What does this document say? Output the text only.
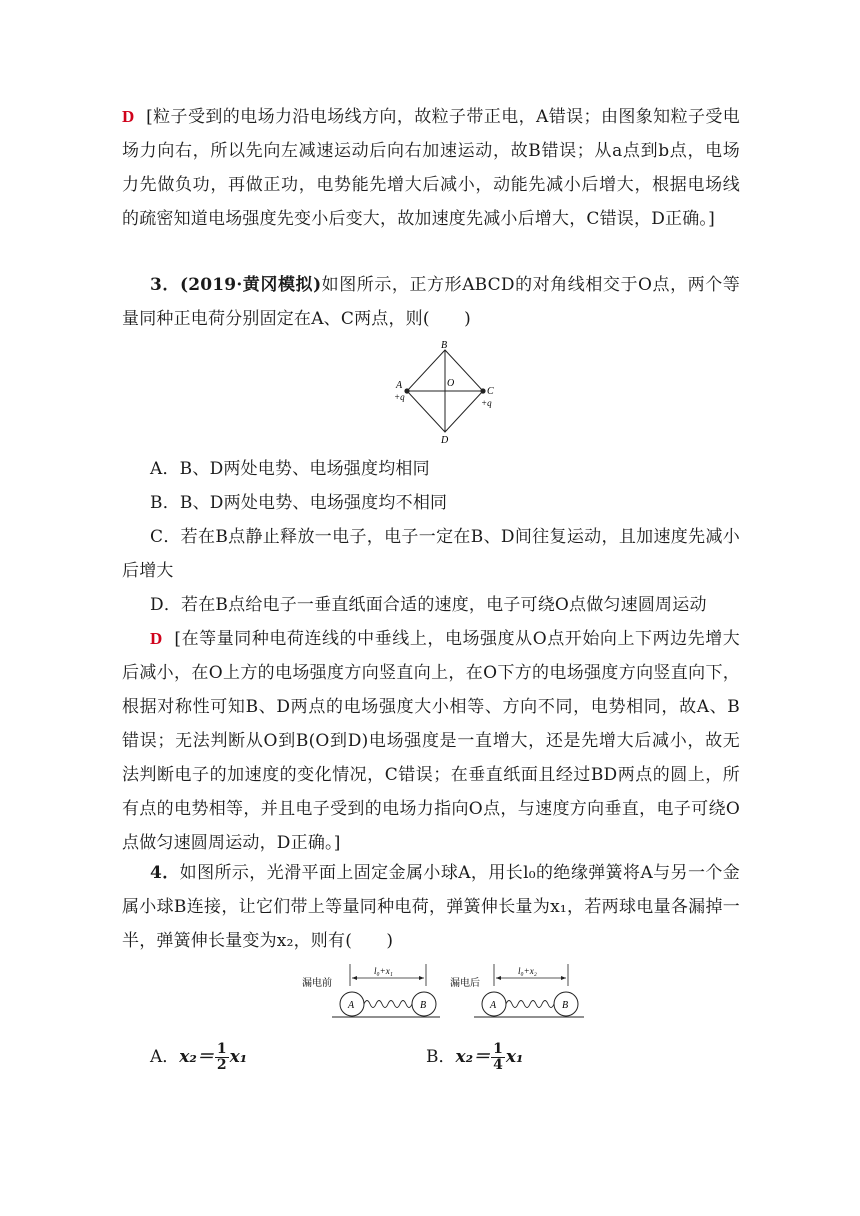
D [粒子受到的电场力沿电场线方向，故粒子带正电，A错误；由图象知粒子受电场力向右，所以先向左减速运动后向右加速运动，故B错误；从a点到b点，电场力先做负功，再做正功，电势能先增大后减小，动能先减小后增大，根据电场线的疏密知道电场强度先变小后变大，故加速度先减小后增大，C错误，D正确。]
3．(2019·黄冈模拟)如图所示，正方形ABCD的对角线相交于O点，两个等量同种正电荷分别固定在A、C两点，则(　　)
B
D
A
+q	C
+q
O
A．B、D两处电势、电场强度均相同
B．B、D两处电势、电场强度均不相同
C．若在B点静止释放一电子，电子一定在B、D间往复运动，且加速度先减小后增大
D．若在B点给电子一垂直纸面合适的速度，电子可绕O点做匀速圆周运动
D [在等量同种电荷连线的中垂线上，电场强度从O点开始向上下两边先增大后减小，在O上方的电场强度方向竖直向上，在O下方的电场强度方向竖直向下，根据对称性可知B、D两点的电场强度大小相等、方向不同，电势相同，故A、B错误；无法判断从O到B(O到D)电场强度是一直增大，还是先增大后减小，故无法判断电子的加速度的变化情况，C错误；在垂直纸面且经过BD两点的圆上，所有点的电势相等，并且电子受到的电场力指向O点，与速度方向垂直，电子可绕O点做匀速圆周运动，D正确。]
4．如图所示，光滑平面上固定金属小球A，用长l₀的绝缘弹簧将A与另一个金属小球B连接，让它们带上等量同种电荷，弹簧伸长量为x₁，若两球电量各漏掉一半，弹簧伸长量变为x₂，则有(　　)
漏电前
l₀+x₁
A	B
漏电后
l₀+x₂
A	B
A．$x_2= \frac{1}{2} x_1$	B．$x_2= \frac{1}{4} x_1$
